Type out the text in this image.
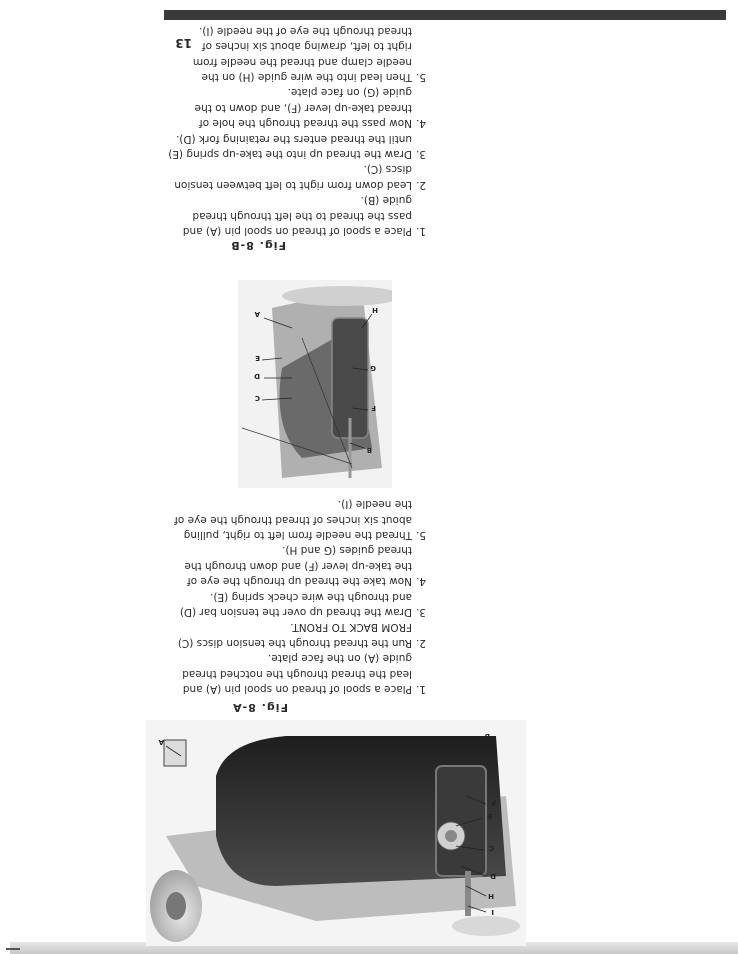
B
F
E
C
D
H
I
A
Fig. 8-A
1.Place a spool of thread on spool pin (A) and lead the thread through the notched thread guide (A) on the face plate.
2.Run the thread through the tension discs (C) FROM BACK TO FRONT.
3.Draw the thread up over the tension bar (D) and through the wire check spring (E).
4.Now take the thread up through the eye of the take-up lever (F) and down through the thread guides (G and H).
5.Thread the needle from left to right, pulling about six inches of thread through the eye of the needle (I).
H
G
F
B
C
D
E
A
Fig. 8-B
1.Place a spool of thread on spool pin (A) and pass the thread to the left through thread guide (B).
2.Lead down from right to left between tension discs (C).
3.Draw the thread up into the take-up spring (E) until the thread enters the retaining fork (D).
4.Now pass the thread through the hole of thread take-up lever (F), and down to the guide (G) on face plate.
5.Then lead into the wire guide (H) on the needle clamp and thread the needle from right to left, drawing about six inches of thread through the eye of the needle (I).
13
